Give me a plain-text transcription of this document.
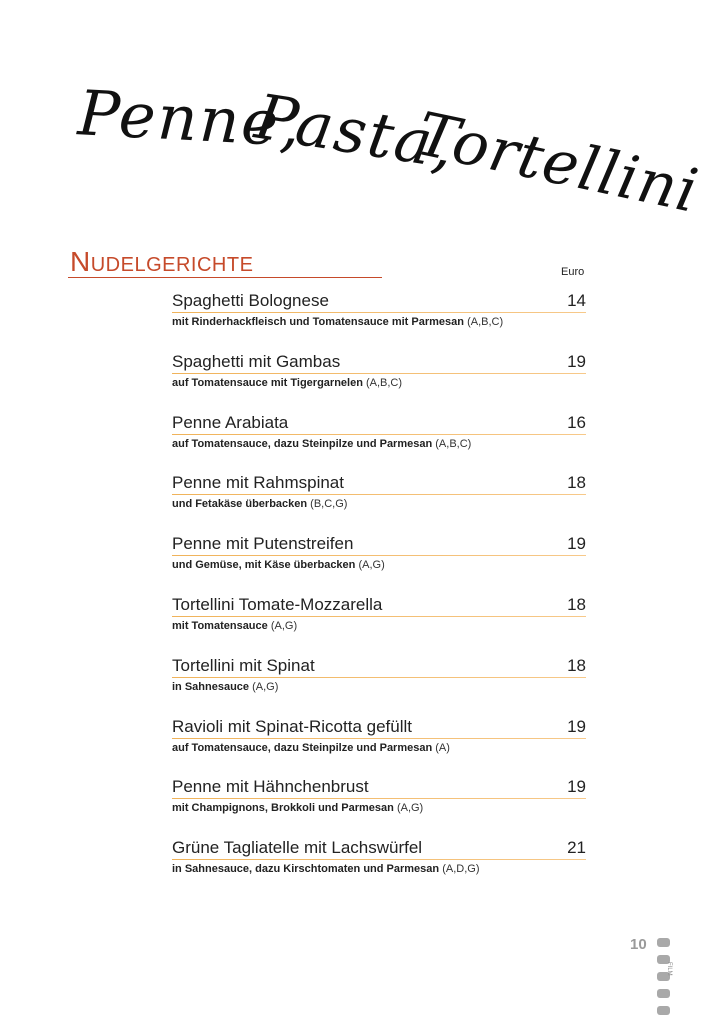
Penne,
Pasta,
Tortellini
Nudelgerichte	Euro
Spaghetti Bolognese	14
mit Rinderhackfleisch und Tomatensauce mit Parmesan (A,B,C)
Spaghetti mit Gambas	19
auf Tomatensauce mit Tigergarnelen (A,B,C)
Penne Arabiata	16
auf Tomatensauce, dazu Steinpilze und Parmesan (A,B,C)
Penne mit Rahmspinat	18
und Fetakäse überbacken (B,C,G)
Penne mit Putenstreifen	19
und Gemüse, mit Käse überbacken (A,G)
Tortellini Tomate-Mozzarella	18
mit Tomatensauce (A,G)
Tortellini mit Spinat	18
in Sahnesauce (A,G)
Ravioli mit Spinat-Ricotta gefüllt	19
auf Tomatensauce, dazu Steinpilze und Parmesan (A)
Penne mit Hähnchenbrust	19
mit Champignons, Brokkoli und Parmesan (A,G)
Grüne Tagliatelle mit Lachswürfel	21
in Sahnesauce, dazu Kirschtomaten und Parmesan (A,D,G)
10
FILM
